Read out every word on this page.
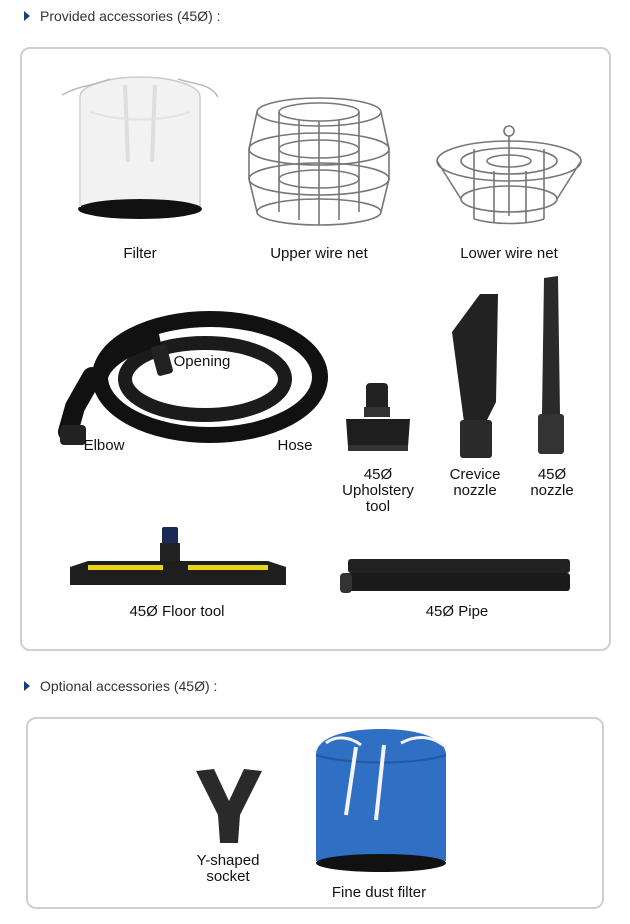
Provided accessories (45Ø) :
Filter	Upper wire net	Lower wire net
Opening
Elbow	Hose
45Ø
Upholstery
tool
Crevice
nozzle
45Ø
nozzle
45Ø Floor tool	45Ø Pipe
Optional accessories (45Ø) :
Y-shaped
socket
Fine dust filter
